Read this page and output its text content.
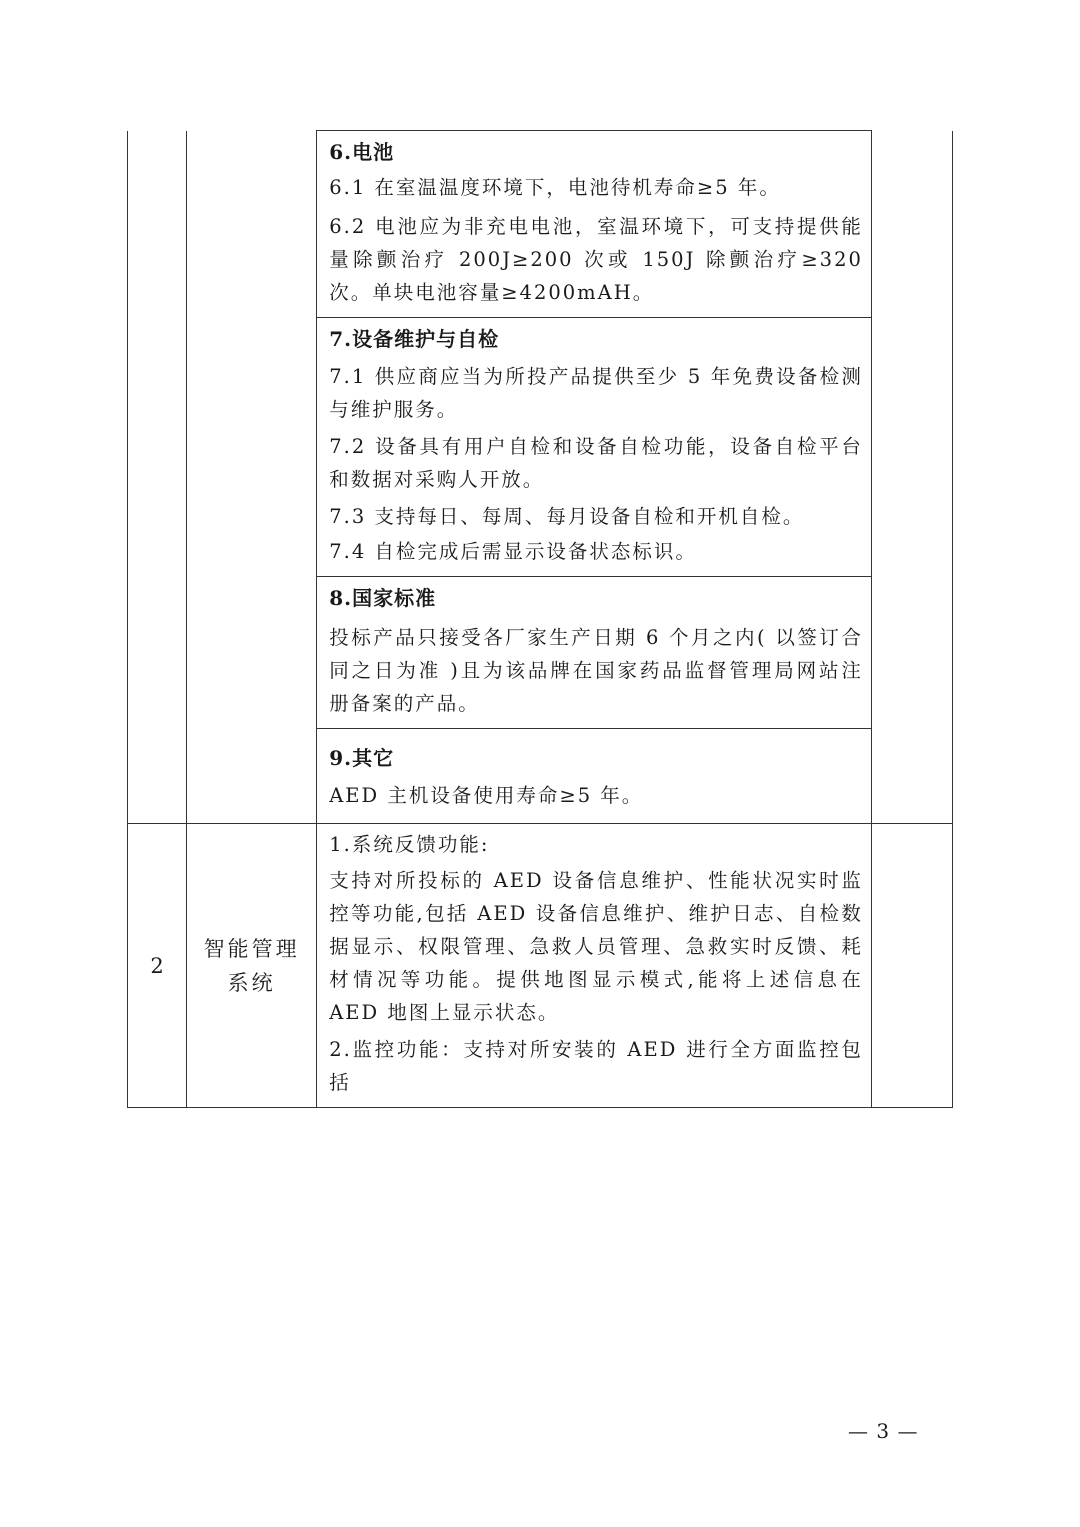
		6.电池
6.1 在室温温度环境下，电池待机寿命≥5 年。
6.2 电池应为非充电电池，室温环境下，可支持提供能量除颤治疗 200J≥200 次或 150J 除颤治疗≥320 次。单块电池容量≥4200mAH。	

		7.设备维护与自检
7.1 供应商应当为所投产品提供至少 5 年免费设备检测与维护服务。
7.2 设备具有用户自检和设备自检功能，设备自检平台和数据对采购人开放。
7.3 支持每日、每周、每月设备自检和开机自检。
7.4 自检完成后需显示设备状态标识。	

		8.国家标准
投标产品只接受各厂家生产日期 6 个月之内( 以签订合同之日为准 )且为该品牌在国家药品监督管理局网站注册备案的产品。	

		9.其它
AED 主机设备使用寿命≥5 年。	

2	智能管理系统	1.系统反馈功能:
支持对所投标的 AED 设备信息维护、性能状况实时监控等功能,包括 AED 设备信息维护、维护日志、自检数据显示、权限管理、急救人员管理、急救实时反馈、耗材情况等功能。提供地图显示模式,能将上述信息在 AED 地图上显示状态。
2.监控功能：支持对所安装的 AED 进行全方面监控包括	

— 3 —
